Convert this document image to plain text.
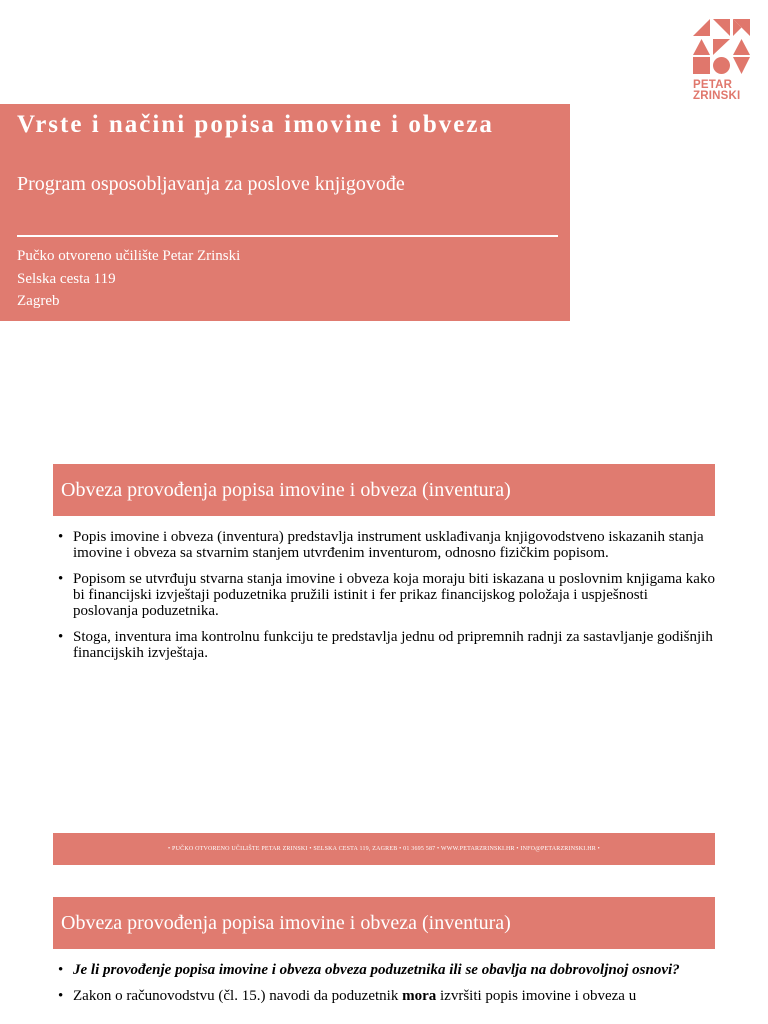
PETAR
ZRINSKI
Vrste i načini popisa imovine i obveza
Program osposobljavanja za poslove knjigovođe
Pučko otvoreno učilište Petar Zrinski
Selska cesta 119
Zagreb
Obveza provođenja popisa imovine i obveza (inventura)
• Popis imovine i obveza (inventura) predstavlja instrument usklađivanja knjigovodstveno iskazanih stanja imovine i obveza sa stvarnim stanjem utvrđenim inventurom, odnosno fizičkim popisom.
• Popisom se utvrđuju stvarna stanja imovine i obveza koja moraju biti iskazana u poslovnim knjigama kako bi financijski izvještaji poduzetnika pružili istinit i fer prikaz financijskog položaja i uspješnosti poslovanja poduzetnika.
• Stoga, inventura ima kontrolnu funkciju te predstavlja jednu od pripremnih radnji za sastavljanje godišnjih financijskih izvještaja.
• PUČKO OTVORENO UČILIŠTE PETAR ZRINSKI • SELSKA CESTA 119, ZAGREB • 01 3695 587 • WWW.PETARZRINSKI.HR • INFO@PETARZRINSKI.HR •
Obveza provođenja popisa imovine i obveza (inventura)
• Je li provođenje popisa imovine i obveza obveza poduzetnika ili se obavlja na dobrovoljnoj osnovi?
• Zakon o računovodstvu (čl. 15.) navodi da poduzetnik mora izvršiti popis imovine i obveza u
